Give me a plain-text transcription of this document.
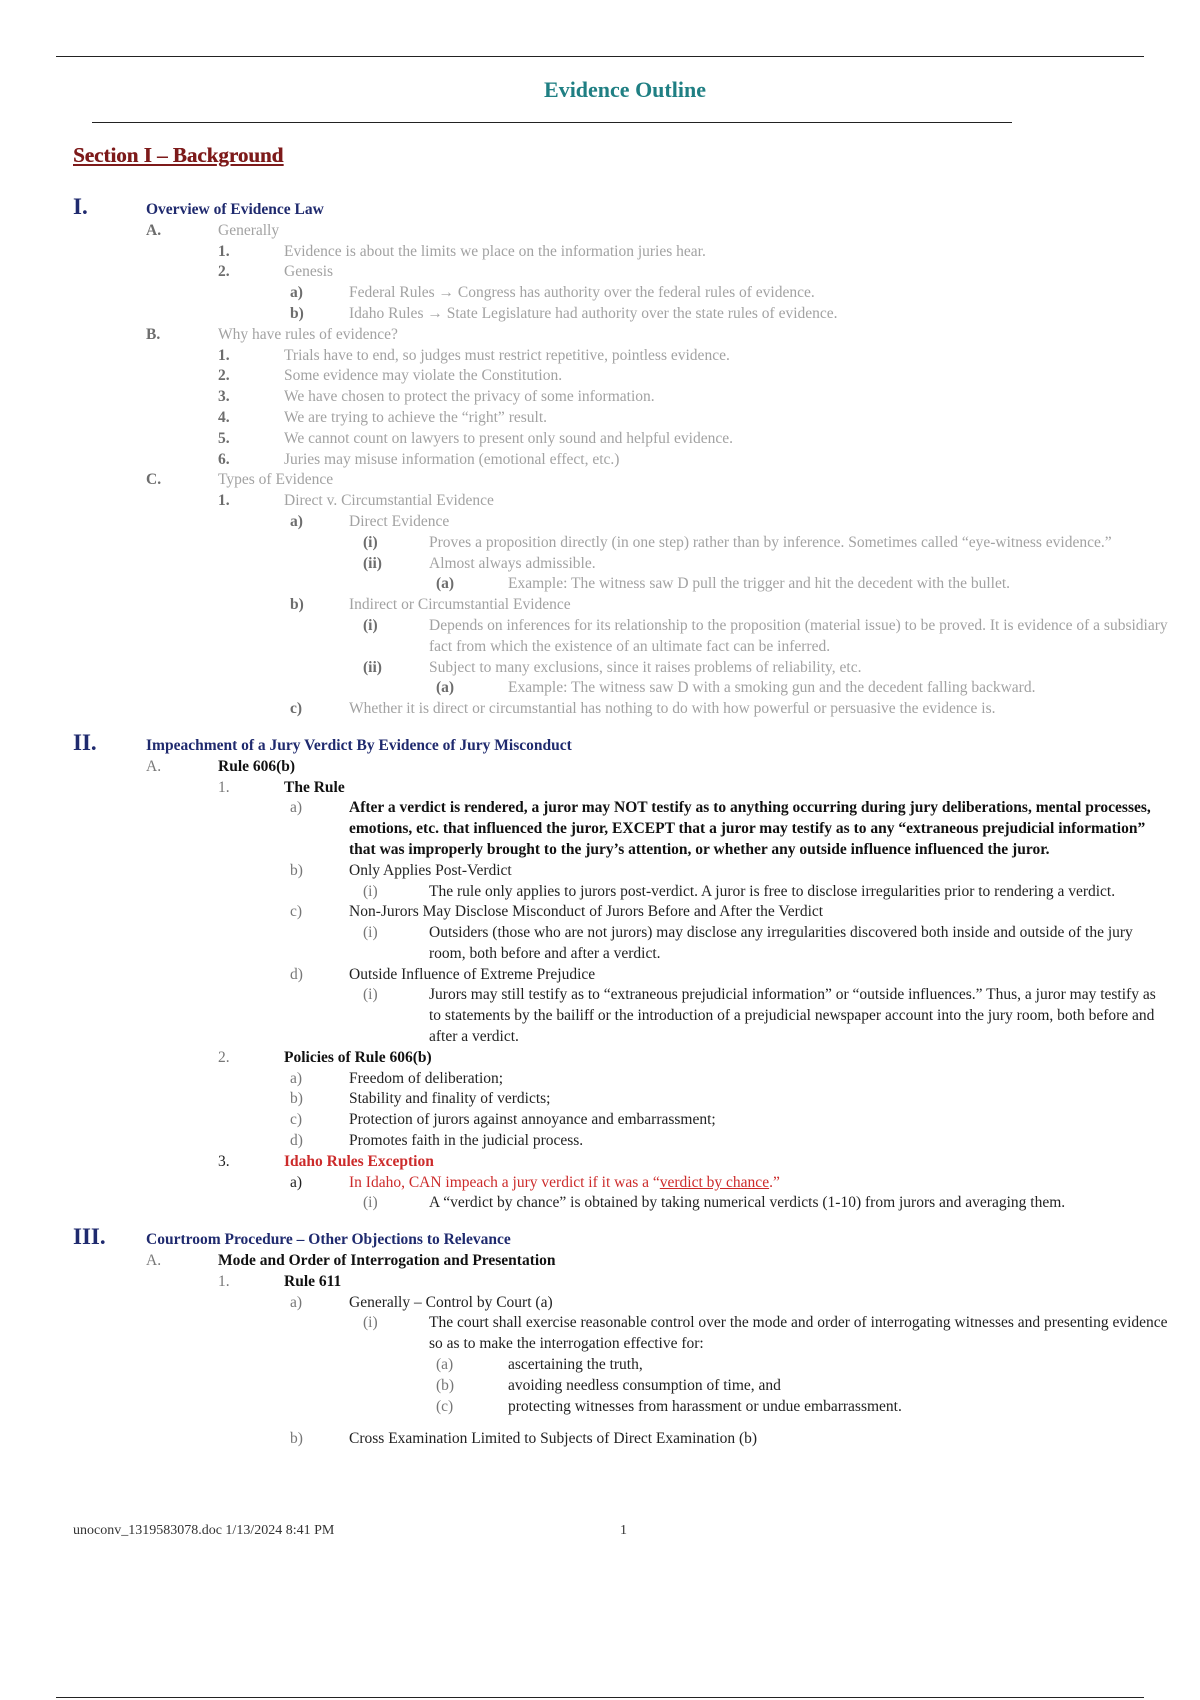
Evidence Outline
Section I – Background
I.	Overview of Evidence Law
A.	Generally
1.	Evidence is about the limits we place on the information juries hear.
2.	Genesis
a)	Federal Rules → Congress has authority over the federal rules of evidence.
b)	Idaho Rules → State Legislature had authority over the state rules of evidence.
B.	Why have rules of evidence?
1.	Trials have to end, so judges must restrict repetitive, pointless evidence.
2.	Some evidence may violate the Constitution.
3.	We have chosen to protect the privacy of some information.
4.	We are trying to achieve the “right” result.
5.	We cannot count on lawyers to present only sound and helpful evidence.
6.	Juries may misuse information (emotional effect, etc.)
C.	Types of Evidence
1.	Direct v. Circumstantial Evidence
a)	Direct Evidence
(i)	Proves a proposition directly (in one step) rather than by inference. Sometimes called “eye-witness evidence.”
(ii)	Almost always admissible.
(a)	Example: The witness saw D pull the trigger and hit the decedent with the bullet.
b)	Indirect or Circumstantial Evidence
(i)	Depends on inferences for its relationship to the proposition (material issue) to be proved. It is evidence of a subsidiary fact from which the existence of an ultimate fact can be inferred.
(ii)	Subject to many exclusions, since it raises problems of reliability, etc.
(a)	Example: The witness saw D with a smoking gun and the decedent falling backward.
c)	Whether it is direct or circumstantial has nothing to do with how powerful or persuasive the evidence is.
II.	Impeachment of a Jury Verdict By Evidence of Jury Misconduct
A.	Rule 606(b)
1.	The Rule
a)	After a verdict is rendered, a juror may NOT testify as to anything occurring during jury deliberations, mental processes, emotions, etc. that influenced the juror, EXCEPT that a juror may testify as to any “extraneous prejudicial information” that was improperly brought to the jury’s attention, or whether any outside influence influenced the juror.
b)	Only Applies Post-Verdict
(i)	The rule only applies to jurors post-verdict. A juror is free to disclose irregularities prior to rendering a verdict.
c)	Non-Jurors May Disclose Misconduct of Jurors Before and After the Verdict
(i)	Outsiders (those who are not jurors) may disclose any irregularities discovered both inside and outside of the jury room, both before and after a verdict.
d)	Outside Influence of Extreme Prejudice
(i)	Jurors may still testify as to “extraneous prejudicial information” or “outside influences.” Thus, a juror may testify as to statements by the bailiff or the introduction of a prejudicial newspaper account into the jury room, both before and after a verdict.
2.	Policies of Rule 606(b)
a)	Freedom of deliberation;
b)	Stability and finality of verdicts;
c)	Protection of jurors against annoyance and embarrassment;
d)	Promotes faith in the judicial process.
3.	Idaho Rules Exception
a)	In Idaho, CAN impeach a jury verdict if it was a “verdict by chance.”
(i)	A “verdict by chance” is obtained by taking numerical verdicts (1-10) from jurors and averaging them.
III.	Courtroom Procedure – Other Objections to Relevance
A.	Mode and Order of Interrogation and Presentation
1.	Rule 611
a)	Generally – Control by Court (a)
(i)	The court shall exercise reasonable control over the mode and order of interrogating witnesses and presenting evidence so as to make the interrogation effective for:
(a)	ascertaining the truth,
(b)	avoiding needless consumption of time, and
(c)	protecting witnesses from harassment or undue embarrassment.
b)	Cross Examination Limited to Subjects of Direct Examination (b)
unoconv_1319583078.doc 1/13/2024 8:41 PM	1
